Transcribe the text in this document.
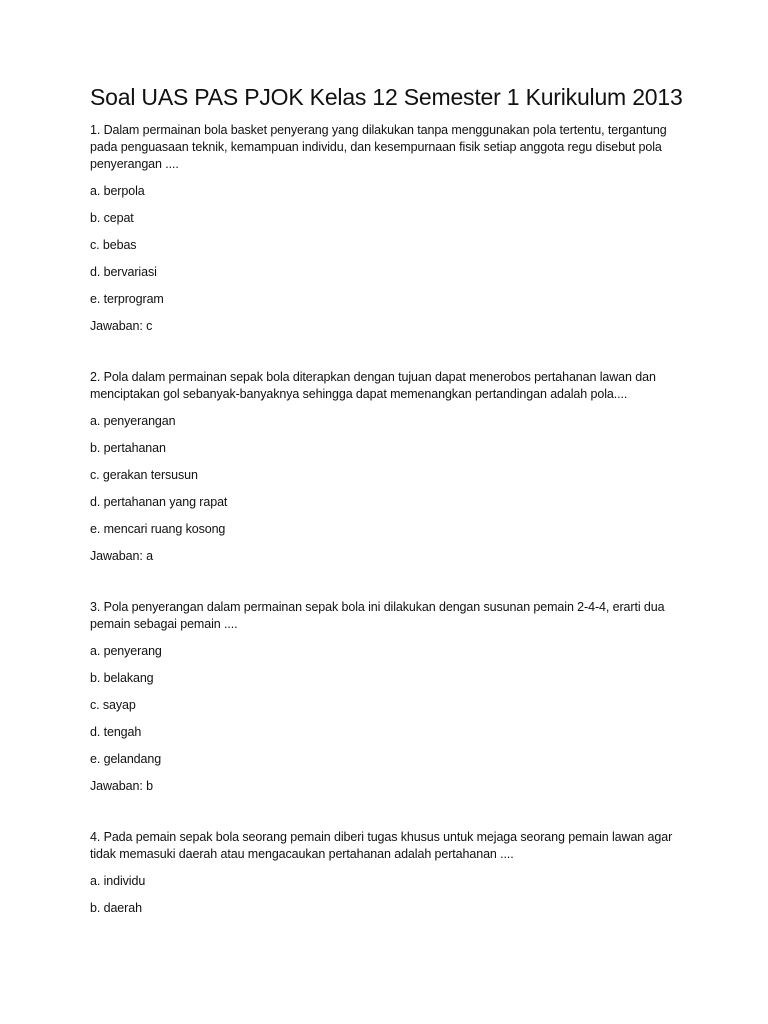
Soal UAS PAS PJOK Kelas 12 Semester 1 Kurikulum 2013

1. Dalam permainan bola basket penyerang yang dilakukan tanpa menggunakan pola tertentu, tergantung pada penguasaan teknik, kemampuan individu, dan kesempurnaan fisik setiap anggota regu disebut pola penyerangan ....

a. berpola

b. cepat

c. bebas

d. bervariasi

e. terprogram

Jawaban: c

2. Pola dalam permainan sepak bola diterapkan dengan tujuan dapat menerobos pertahanan lawan dan menciptakan gol sebanyak-banyaknya sehingga dapat memenangkan pertandingan adalah pola....

a. penyerangan

b. pertahanan

c. gerakan tersusun

d. pertahanan yang rapat

e. mencari ruang kosong

Jawaban: a

3. Pola penyerangan dalam permainan sepak bola ini dilakukan dengan susunan pemain 2-4-4, erarti dua pemain sebagai pemain ....

a. penyerang

b. belakang

c. sayap

d. tengah

e. gelandang

Jawaban: b

4. Pada pemain sepak bola seorang pemain diberi tugas khusus untuk mejaga seorang pemain lawan agar tidak memasuki daerah atau mengacaukan pertahanan adalah pertahanan ....

a. individu

b. daerah
